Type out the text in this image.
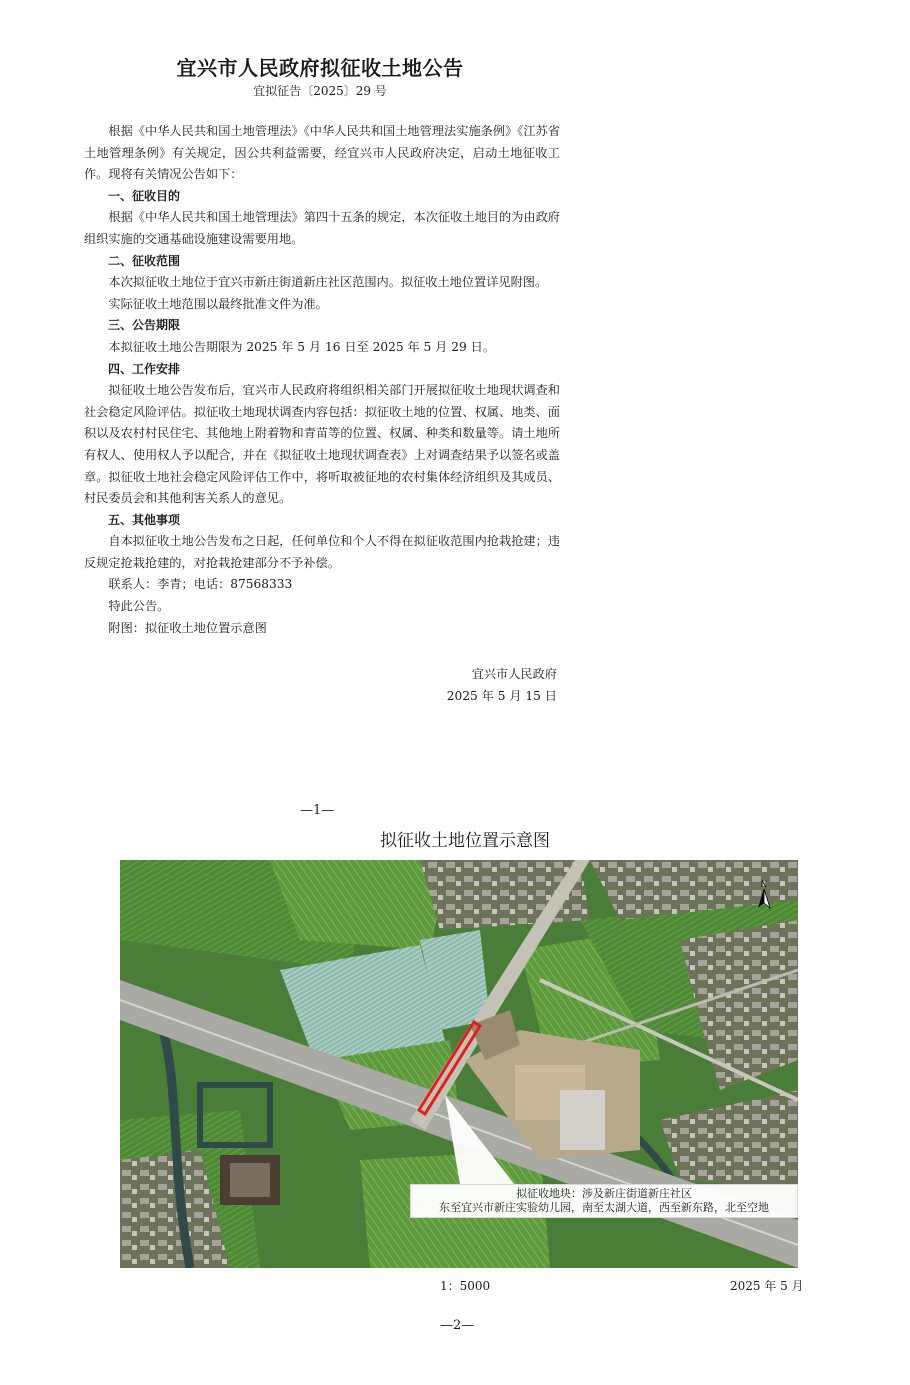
宜兴市人民政府拟征收土地公告
宜拟征告〔2025〕29 号

根据《中华人民共和国土地管理法》《中华人民共和国土地管理法实施条例》《江苏省土地管理条例》有关规定，因公共利益需要，经宜兴市人民政府决定，启动土地征收工作。现将有关情况公告如下：

一、征收目的

根据《中华人民共和国土地管理法》第四十五条的规定，本次征收土地目的为由政府组织实施的交通基础设施建设需要用地。

二、征收范围

本次拟征收土地位于宜兴市新庄街道新庄社区范围内。拟征收土地位置详见附图。

实际征收土地范围以最终批准文件为准。

三、公告期限

本拟征收土地公告期限为 2025 年 5 月 16 日至 2025 年 5 月 29 日。

四、工作安排

拟征收土地公告发布后，宜兴市人民政府将组织相关部门开展拟征收土地现状调查和社会稳定风险评估。拟征收土地现状调查内容包括：拟征收土地的位置、权属、地类、面积以及农村村民住宅、其他地上附着物和青苗等的位置、权属、种类和数量等。请土地所有权人、使用权人予以配合，并在《拟征收土地现状调查表》上对调查结果予以签名或盖章。拟征收土地社会稳定风险评估工作中，将听取被征地的农村集体经济组织及其成员、村民委员会和其他利害关系人的意见。

五、其他事项

自本拟征收土地公告发布之日起，任何单位和个人不得在拟征收范围内抢栽抢建；违反规定抢栽抢建的，对抢栽抢建部分不予补偿。

联系人：李青；电话：87568333

特此公告。

附图：拟征收土地位置示意图

宜兴市人民政府
2025 年 5 月 15 日
—1—
拟征收土地位置示意图
拟征收地块：涉及新庄街道新庄社区
东至宜兴市新庄实验幼儿园，南至太湖大道，西至新东路，北至空地
N
1：5000	2025 年 5 月
—2—
